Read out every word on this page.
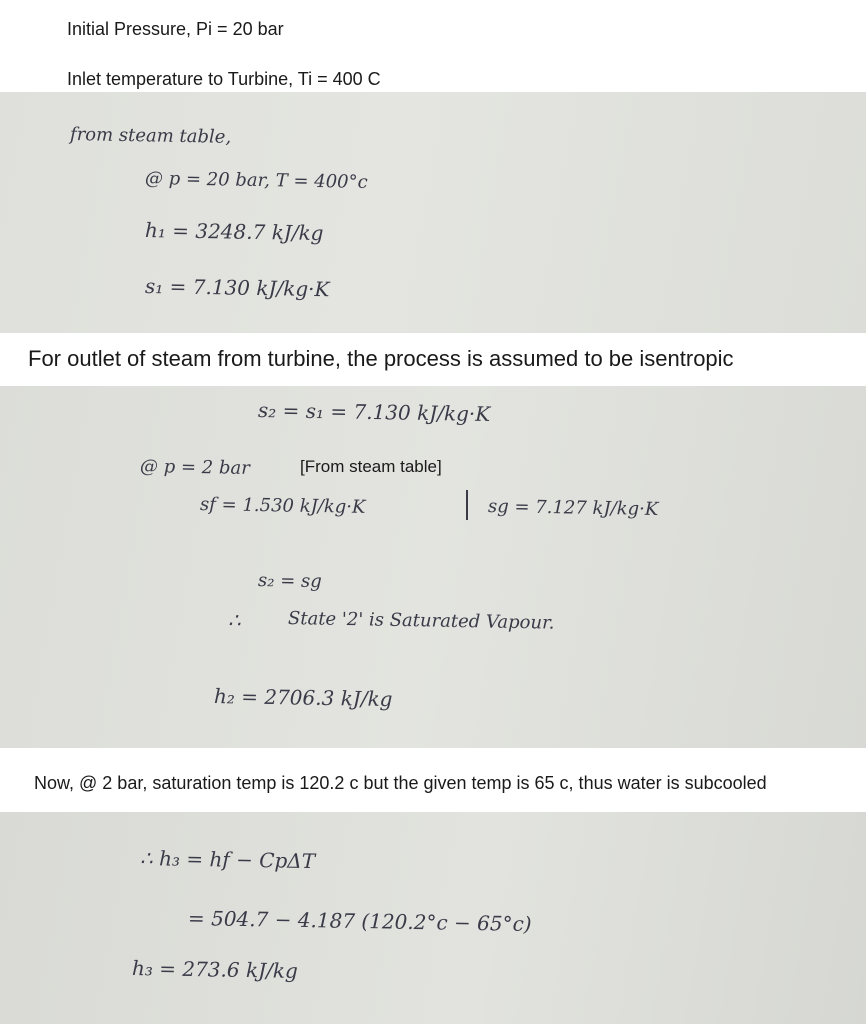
Initial Pressure, Pi = 20 bar
Inlet temperature to Turbine, Ti = 400 C
from steam table,
@ p = 20 bar, T = 400°c
h₁ = 3248.7 kJ/kg
s₁ = 7.130 kJ/kg·K
For outlet of steam from turbine, the process is assumed to be isentropic
s₂ = s₁ = 7.130 kJ/kg·K
@ p = 2 bar
sf = 1.530 kJ/kg·K	sg = 7.127 kJ/kg·K
s₂ = sg
∴	State '2' is Saturated Vapour.
h₂ = 2706.3 kJ/kg
[From steam table]
Now, @ 2 bar, saturation temp is 120.2 c but the given temp is 65 c, thus water is subcooled
∴ h₃ = hf − CpΔT
= 504.7 − 4.187 (120.2°c − 65°c)
h₃ = 273.6 kJ/kg
